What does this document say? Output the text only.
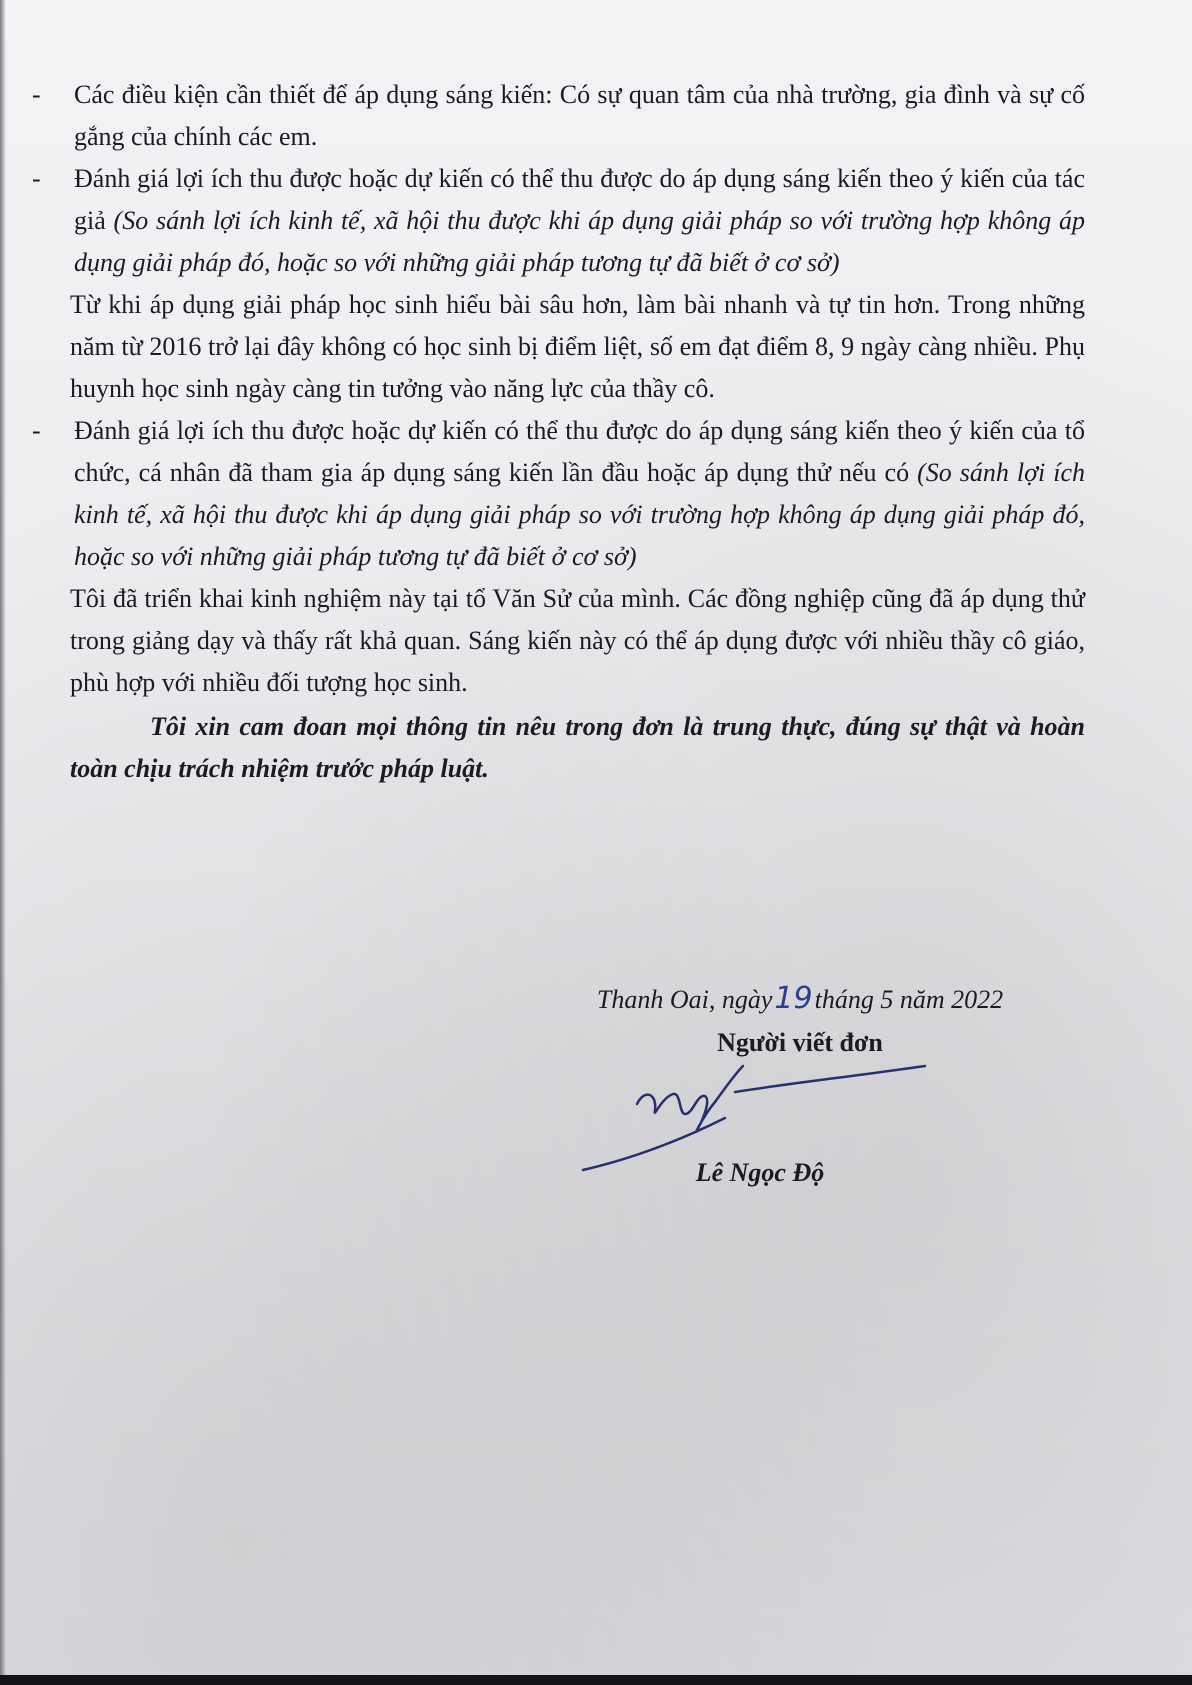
- Các điều kiện cần thiết để áp dụng sáng kiến: Có sự quan tâm của nhà trường, gia đình và sự cố gắng của chính các em.
- Đánh giá lợi ích thu được hoặc dự kiến có thể thu được do áp dụng sáng kiến theo ý kiến của tác giả (So sánh lợi ích kinh tế, xã hội thu được khi áp dụng giải pháp so với trường hợp không áp dụng giải pháp đó, hoặc so với những giải pháp tương tự đã biết ở cơ sở)
Từ khi áp dụng giải pháp học sinh hiểu bài sâu hơn, làm bài nhanh và tự tin hơn. Trong những năm từ 2016 trở lại đây không có học sinh bị điểm liệt, số em đạt điểm 8, 9 ngày càng nhiều. Phụ huynh học sinh ngày càng tin tưởng vào năng lực của thầy cô.
- Đánh giá lợi ích thu được hoặc dự kiến có thể thu được do áp dụng sáng kiến theo ý kiến của tổ chức, cá nhân đã tham gia áp dụng sáng kiến lần đầu hoặc áp dụng thử nếu có (So sánh lợi ích kinh tế, xã hội thu được khi áp dụng giải pháp so với trường hợp không áp dụng giải pháp đó, hoặc so với những giải pháp tương tự đã biết ở cơ sở)
Tôi đã triển khai kinh nghiệm này tại tổ Văn Sử của mình. Các đồng nghiệp cũng đã áp dụng thử trong giảng dạy và thấy rất khả quan. Sáng kiến này có thể áp dụng được với nhiều thầy cô giáo, phù hợp với nhiều đối tượng học sinh.
Tôi xin cam đoan mọi thông tin nêu trong đơn là trung thực, đúng sự thật và hoàn toàn chịu trách nhiệm trước pháp luật.
Thanh Oai, ngày19tháng 5 năm 2022
Người viết đơn
Lê Ngọc Độ
